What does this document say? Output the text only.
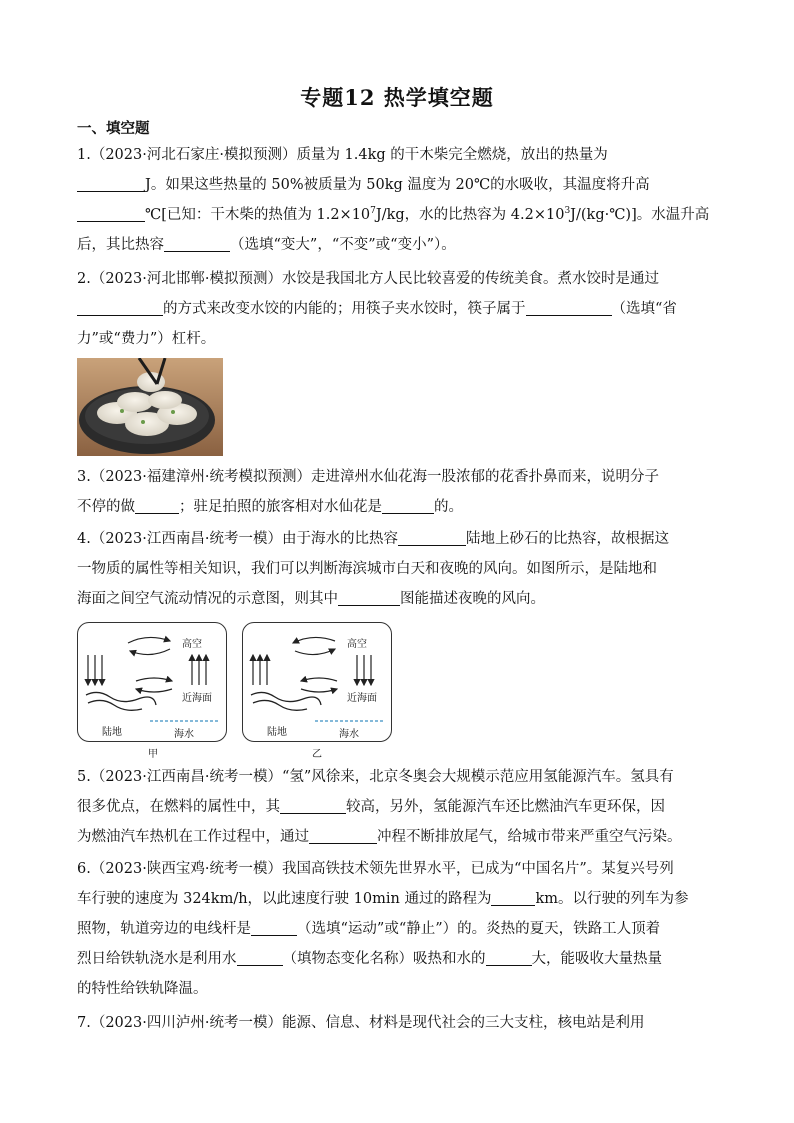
专题12 热学填空题
一、填空题
1.（2023·河北石家庄·模拟预测）质量为 1.4kg 的干木柴完全燃烧，放出的热量为
J。如果这些热量的 50%被质量为 50kg 温度为 20℃的水吸收，其温度将升高
℃[已知：干木柴的热值为 $1.2\times 10^7J/kg$，水的比热容为 $4.2\times 10^3J/(kg\cdot℃)$]。水温升高
后，其比热容	（选填“变大”，“不变”或“变小”）。
2.（2023·河北邯郸·模拟预测）水饺是我国北方人民比较喜爱的传统美食。煮水饺时是通过
的方式来改变水饺的内能的；用筷子夹水饺时，筷子属于	（选填“省
力”或“费力”）杠杆。
3.（2023·福建漳州·统考模拟预测）走进漳州水仙花海一股浓郁的花香扑鼻而来，说明分子
不停的做	；驻足拍照的旅客相对水仙花是	的。
4.（2023·江西南昌·统考一模）由于海水的比热容	陆地上砂石的比热容，故根据这
一物质的属性等相关知识，我们可以判断海滨城市白天和夜晚的风向。如图所示，是陆地和
海面之间空气流动情况的示意图，则其中	图能描述夜晚的风向。
高空
近海面
陆地	海水
甲
高空
近海面
陆地	海水
乙
5.（2023·江西南昌·统考一模）“氢”风徐来，北京冬奥会大规模示范应用氢能源汽车。氢具有
很多优点，在燃料的属性中，其	较高，另外，氢能源汽车还比燃油汽车更环保，因
为燃油汽车热机在工作过程中，通过	冲程不断排放尾气，给城市带来严重空气污染。
6.（2023·陕西宝鸡·统考一模）我国高铁技术领先世界水平，已成为“中国名片”。某复兴号列
车行驶的速度为 324km/h，以此速度行驶 10min 通过的路程为	km。以行驶的列车为参
照物，轨道旁边的电线杆是	（选填“运动”或“静止”）的。炎热的夏天，铁路工人顶着
烈日给铁轨浇水是利用水	（填物态变化名称）吸热和水的	大，能吸收大量热量
的特性给铁轨降温。
7.（2023·四川泸州·统考一模）能源、信息、材料是现代社会的三大支柱，核电站是利用
